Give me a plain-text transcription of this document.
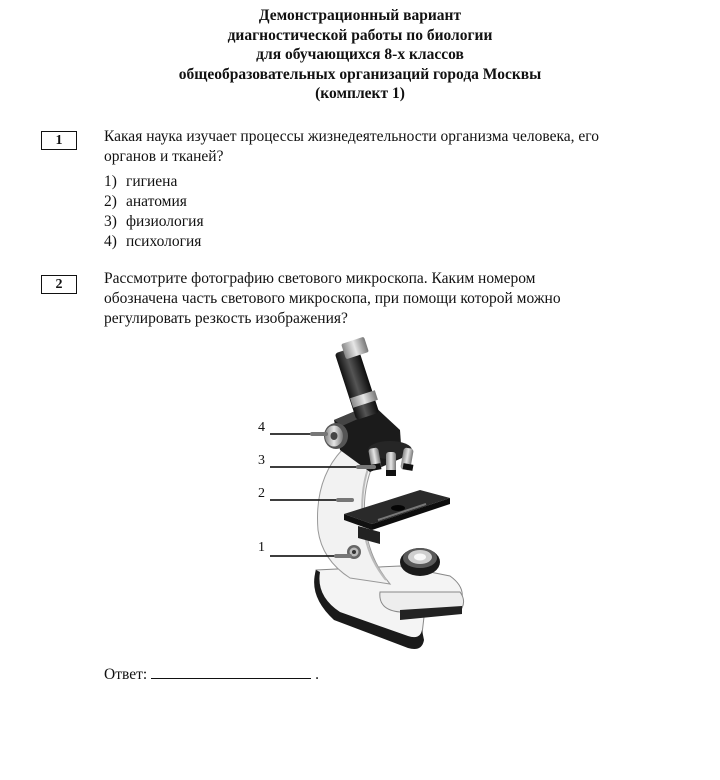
Демонстрационный вариант
диагностической работы по биологии
для обучающихся 8-х классов
общеобразовательных организаций города Москвы
(комплект 1)
1	Какая наука изучает процессы жизнедеятельности организма человека, его
органов и тканей?
1) гигиена
2) анатомия
3) физиология
4) психология
2	Рассмотрите фотографию светового микроскопа. Каким номером
обозначена часть светового микроскопа, при помощи которой можно
регулировать резкость изображения?
4
3
2
1
Ответ:	.
